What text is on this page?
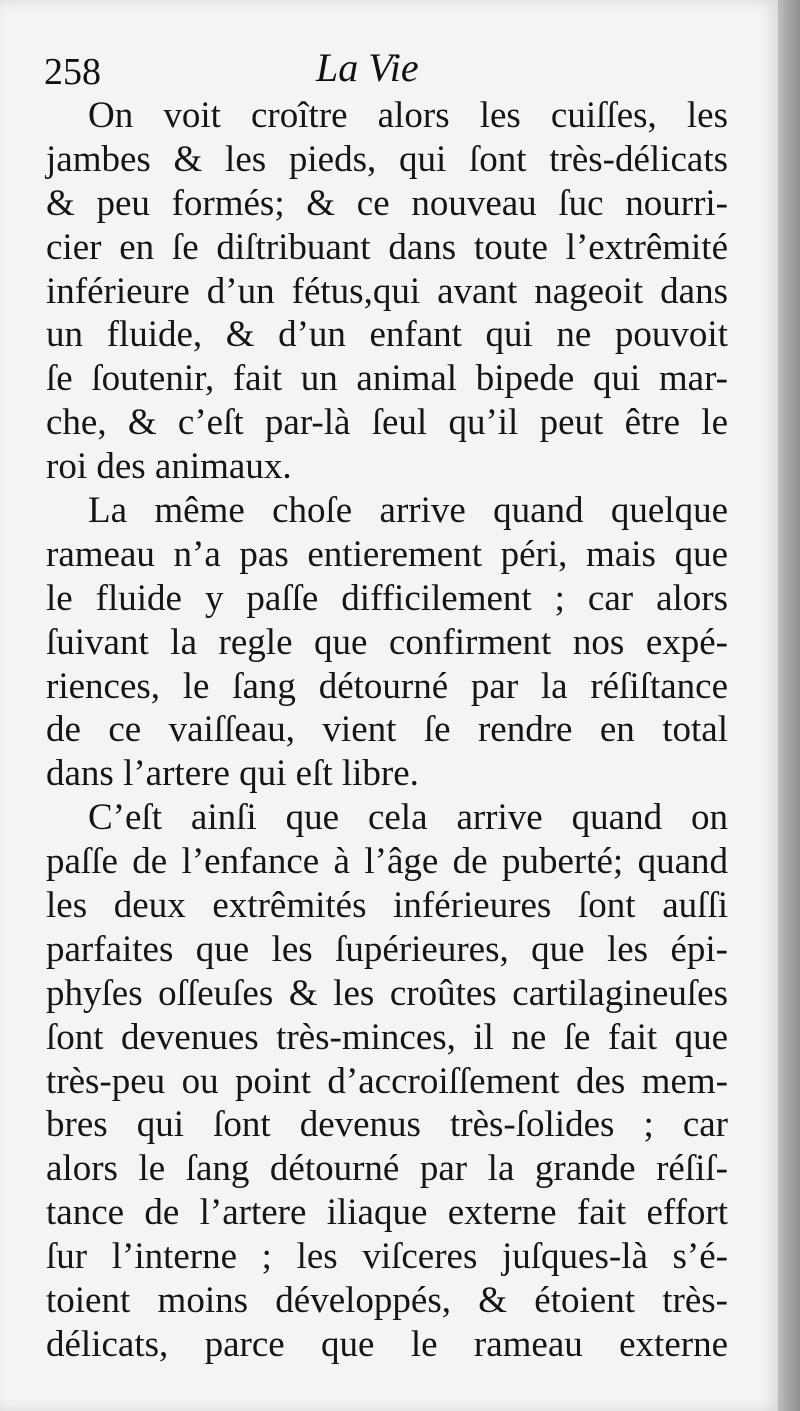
258	La Vie
On voit croître alors les cuiſſes, les
jambes & les pieds, qui ſont très-délicats
& peu formés; & ce nouveau ſuc nourri-
cier en ſe diſtribuant dans toute l’extrêmité
inférieure d’un fétus,qui avant nageoit dans
un fluide, & d’un enfant qui ne pouvoit
ſe ſoutenir, fait un animal bipede qui mar-
che, & c’eſt par-là ſeul qu’il peut être le
roi des animaux.
La même choſe arrive quand quelque
rameau n’a pas entierement péri, mais que
le fluide y paſſe difficilement ; car alors
ſuivant la regle que confirment nos expé-
riences, le ſang détourné par la réſiſtance
de ce vaiſſeau, vient ſe rendre en total
dans l’artere qui eſt libre.
C’eſt ainſi que cela arrive quand on
paſſe de l’enfance à l’âge de puberté; quand
les deux extrêmités inférieures ſont auſſi
parfaites que les ſupérieures, que les épi-
phyſes oſſeuſes & les croûtes cartilagineuſes
ſont devenues très-minces, il ne ſe fait que
très-peu ou point d’accroiſſement des mem-
bres qui ſont devenus très-ſolides ; car
alors le ſang détourné par la grande réſiſ-
tance de l’artere iliaque externe fait effort
ſur l’interne ; les viſceres juſques-là s’é-
toient moins développés, & étoient très-
délicats, parce que le rameau externe
